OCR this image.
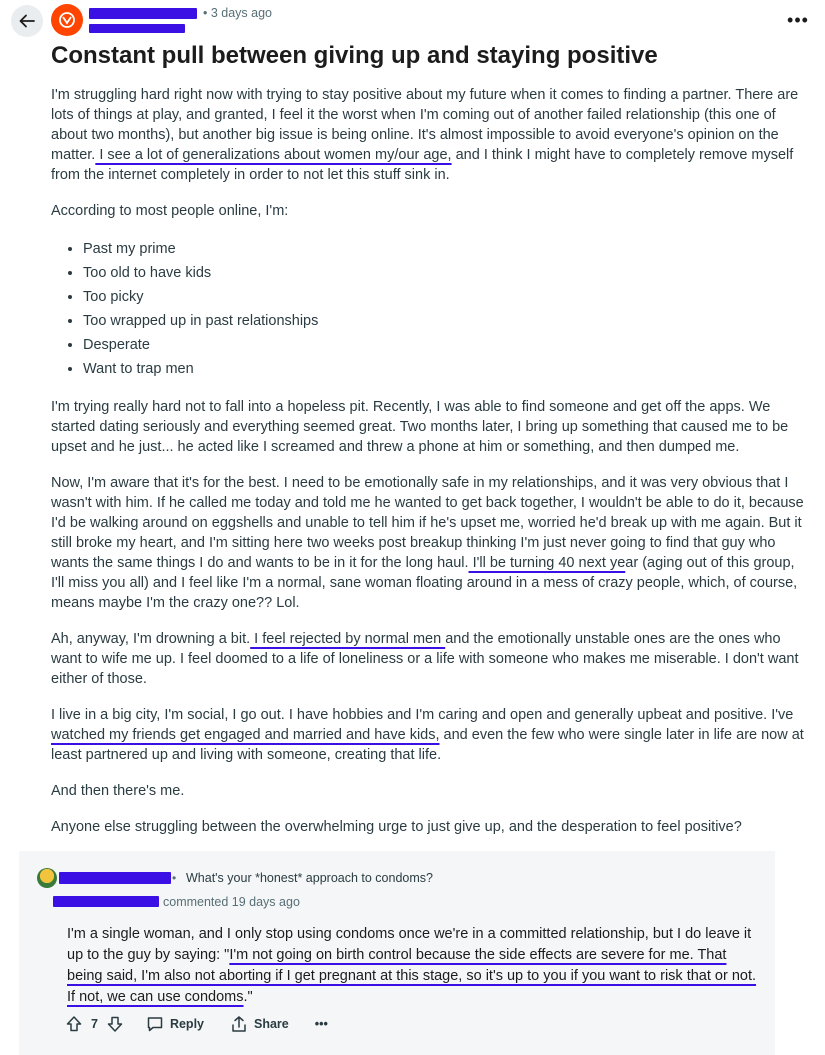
• 3 days ago	•••
Constant pull between giving up and staying positive

I'm struggling hard right now with trying to stay positive about my future when it comes to finding a partner. There are lots of things at play, and granted, I feel it the worst when I'm coming out of another failed relationship (this one of about two months), but another big issue is being online. It's almost impossible to avoid everyone's opinion on the matter. I see a lot of generalizations about women my/our age, and I think I might have to completely remove myself from the internet completely in order to not let this stuff sink in.

According to most people online, I'm:

• Past my prime
• Too old to have kids
• Too picky
• Too wrapped up in past relationships
• Desperate
• Want to trap men

I'm trying really hard not to fall into a hopeless pit. Recently, I was able to find someone and get off the apps. We started dating seriously and everything seemed great. Two months later, I bring up something that caused me to be upset and he just... he acted like I screamed and threw a phone at him or something, and then dumped me.

Now, I'm aware that it's for the best. I need to be emotionally safe in my relationships, and it was very obvious that I wasn't with him. If he called me today and told me he wanted to get back together, I wouldn't be able to do it, because I'd be walking around on eggshells and unable to tell him if he's upset me, worried he'd break up with me again. But it still broke my heart, and I'm sitting here two weeks post breakup thinking I'm just never going to find that guy who wants the same things I do and wants to be in it for the long haul. I'll be turning 40 next year (aging out of this group, I'll miss you all) and I feel like I'm a normal, sane woman floating around in a mess of crazy people, which, of course, means maybe I'm the crazy one?? Lol.

Ah, anyway, I'm drowning a bit. I feel rejected by normal men and the emotionally unstable ones are the ones who want to wife me up. I feel doomed to a life of loneliness or a life with someone who makes me miserable. I don't want either of those.

I live in a big city, I'm social, I go out. I have hobbies and I'm caring and open and generally upbeat and positive. I've watched my friends get engaged and married and have kids, and even the few who were single later in life are now at least partnered up and living with someone, creating that life.

And then there's me.

Anyone else struggling between the overwhelming urge to just give up, and the desperation to feel positive?

• What's your *honest* approach to condoms?
commented 19 days ago

I'm a single woman, and I only stop using condoms once we're in a committed relationship, but I do leave it up to the guy by saying: "I'm not going on birth control because the side effects are severe for me. That being said, I'm also not aborting if I get pregnant at this stage, so it's up to you if you want to risk that or not. If not, we can use condoms."

7	Reply	Share •••
